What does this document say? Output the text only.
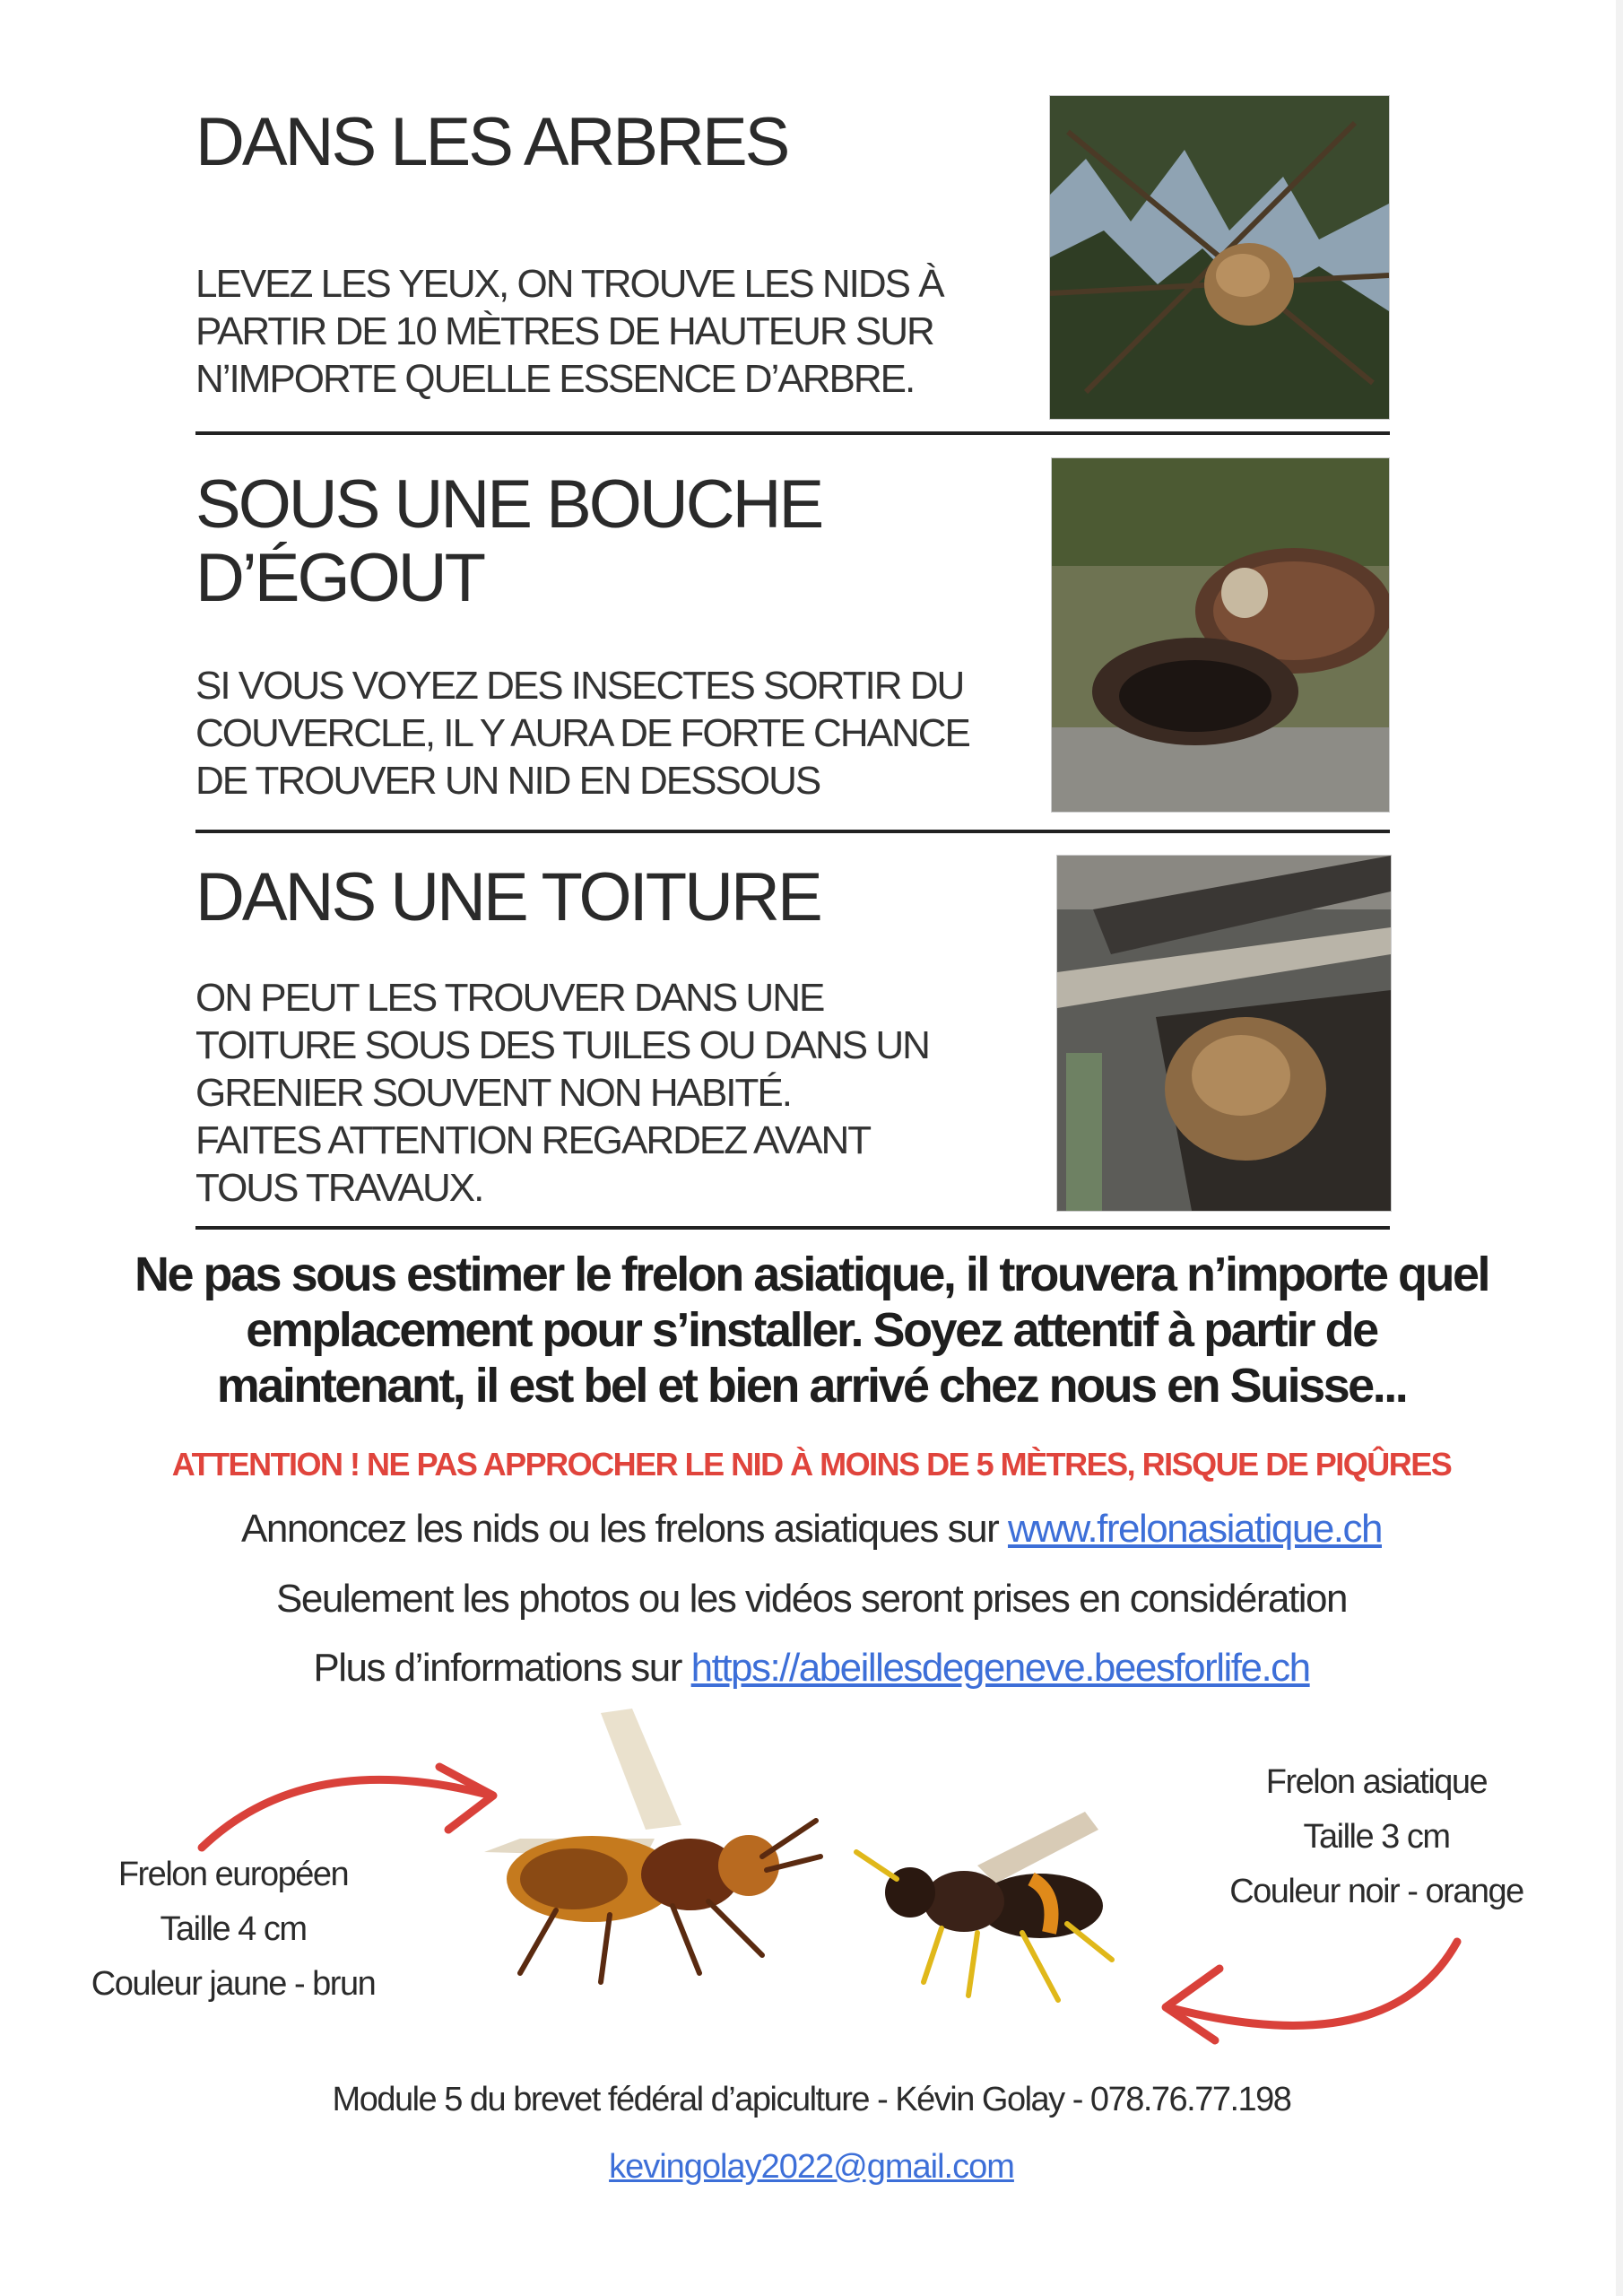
DANS LES ARBRES
LEVEZ LES YEUX, ON TROUVE LES NIDS À
PARTIR DE 10 MÈTRES DE HAUTEUR SUR
N’IMPORTE QUELLE ESSENCE D’ARBRE.
SOUS UNE BOUCHE
D’ÉGOUT
SI VOUS VOYEZ DES INSECTES SORTIR DU
COUVERCLE, IL Y AURA DE FORTE CHANCE
DE TROUVER UN NID EN DESSOUS
DANS UNE TOITURE
ON PEUT LES TROUVER DANS UNE
TOITURE SOUS DES TUILES OU DANS UN
GRENIER SOUVENT NON HABITÉ.
FAITES ATTENTION REGARDEZ AVANT
TOUS TRAVAUX.
Ne pas sous estimer le frelon asiatique, il trouvera n’importe quel
emplacement pour s’installer. Soyez attentif à partir de
maintenant, il est bel et bien arrivé chez nous en Suisse...
ATTENTION ! NE PAS APPROCHER LE NID À MOINS DE 5 MÈTRES, RISQUE DE PIQÛRES
Annoncez les nids ou les frelons asiatiques sur www.frelonasiatique.ch
Seulement les photos ou les vidéos seront prises en considération
Plus d’informations sur https://abeillesdegeneve.beesforlife.ch
Frelon européen
Taille 4 cm
Couleur jaune - brun
Frelon asiatique
Taille 3 cm
Couleur noir - orange
Module 5 du brevet fédéral d’apiculture - Kévin Golay - 078.76.77.198
kevingolay2022@gmail.com
